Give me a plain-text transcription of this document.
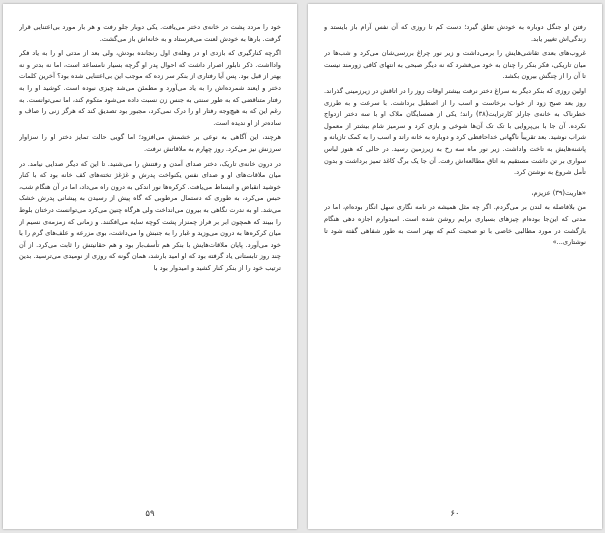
خود را مردد پشت در خانه‌ی دختر می‌یافت. یکی دوبار جلو رفت و هر بار مورد بی‌اعتنایی قرار گرفت. بارها به خودش لعنت می‌فرستاد و به خانه‌اش باز می‌گشت.

اگرچه کنارگیری که بازدی او در وهله‌ی اول رنجانده بودش، ولی بعد از مدتی او را به یاد فکر وادااشت. ذکر نابلور اصرار داشت که احوال پدر او گرچه بسیار نامساعد است، اما نه بدتر و نه بهتر از قبل بود. پس آیا رفتاری از بنکر سر زده که موجب این بی‌اعتنایی شده بود؟ آخرین کلمات دختر و ایعند شمرده‌اش را به یاد می‌آورد و مطمئن می‌شد چیزی نبوده است. کوشید او را به رفتار متناقضی که به طور سنتی به جنس زن نسبت داده می‌شود متکوم کند، اما نمی‌توانست. به رغم این که به هیچ‌وجه رفتار او را درک نمی‌کرد، مجبور بود تصدیق کند که هرگز زنی را صاف و ساده‌تر از او ندیده است.

هرچند، این آگاهی به نوعی بر خشمش می‌افزود؛ اما گویی حالت تمایز دختر او را سزاوار سرزنش نیز می‌کرد. روز چهارم به ملاقاتش نرفت.

در درون خانه‌ی تاریک، دختر صدای آمدن و رفتنش را می‌شنید. تا این که دیگر صدایی نیامد. در میان ملاقات‌های او و صدای نفس یکنواخت پدرش و غژغژ تخته‌های کف خانه بود که با کنار خوشید انقباض و انبساط می‌یافت. کرکره‌ها نور اندکی به درون راه می‌داد، اما در آن هنگام شب، حبس می‌کرد، به طوری که دستمال مرطوبی که گاه پیش از رسیدن به پیشانی پدرش خشک می‌شد. او به ندرت نگاهی به بیرون می‌انداخت ولی هرگاه چنین می‌کرد می‌توانست درختان بلوط را ببیند که همچون ابر بر فراز چمنزار پشت کوچه سایه می‌افکنند. و زمانی که زمزمه‌ی نسیم از میان کرکره‌ها به درون می‌وزید و غبار را به جنبش وا می‌داشت، بوی مزرعه و علف‌های گرم را با خود می‌آورد. پایان ملاقات‌هایش با بنکر هم تأسف‌بار بود و هم حقانیتش را ثابت می‌کرد. از آن چند روز تابستانی یاد گرفته بود که او امید بارشد، همان گونه که روزی از نومیدی می‌ترسید. بدین ترتیب خود را از بنکر کنار کشید و امیدوار بود با

۵۹

رفتن او جنگل دوباره به خودش تعلق گیرد؛ دست کم تا روزی که آن نفس آرام باز بایستد و زندگی‌اش تغییر یابد.

غروب‌های بعدی تقاشی‌هایش را برمی‌داشت و زیر نور چراغ بررسی‌شان می‌کرد و شب‌ها در میان تاریکی، فکر بنکر را چنان به خود می‌فشرد که نه دیگر صبحی به انتهای کافی زورمند نیست تا آن را از چنگش بیرون بکشد.

اولین روزی که بنکر دیگر به سراغ دختر نرفت بیشتر اوقات روز را در اتاقش در زیرزمینی گذراند. روز بعد صبح زود از خواب برخاست و اسب را از اصطبل برداشت. با سرعت و به طرزی خطرناک به خانه‌ی جارلز کارترایت(۳۸) راند؛ یکی از همسایگان ملاک او با سه دختر ازدواج نکرده. آن جا با بی‌پروایی با تک تک آن‌ها شوخی و بازی کرد و سرمیز شام بیشتر از معمول شراب نوشید. بعد تقریباً ناگهانی خداحافظی کرد و دوباره به خانه راند و اسب را به کمک تازیانه و پاشنه‌هایش به تاخت واداشت. زیر نور ماه سه رخ به زیرزمین رسید. در حالی که هنوز لباس سواری بر تن داشت مستقیم به اتاق مطالعه‌اش رفت. آن جا یک برگ کاغذ تمیز برداشت و بدون تأمل شروع به نوشتن کرد.

«هاریت(۳۹) عزیزم،

من بلافاصله به لندن بر می‌گردم. اگر چه مثل همیشه در نامه نگاری سهل انگار بوده‌ام، اما در مدتی که این‌جا بوده‌ام چیزهای بسیاری برایم روشن شده است. امیدوارم اجازه دهی هنگام بازگشت در مورد مطالبی خاصی با تو صحبت کنم که بهتر است به طور شفاهی گفته شود تا نوشتاری...»

۶۰
